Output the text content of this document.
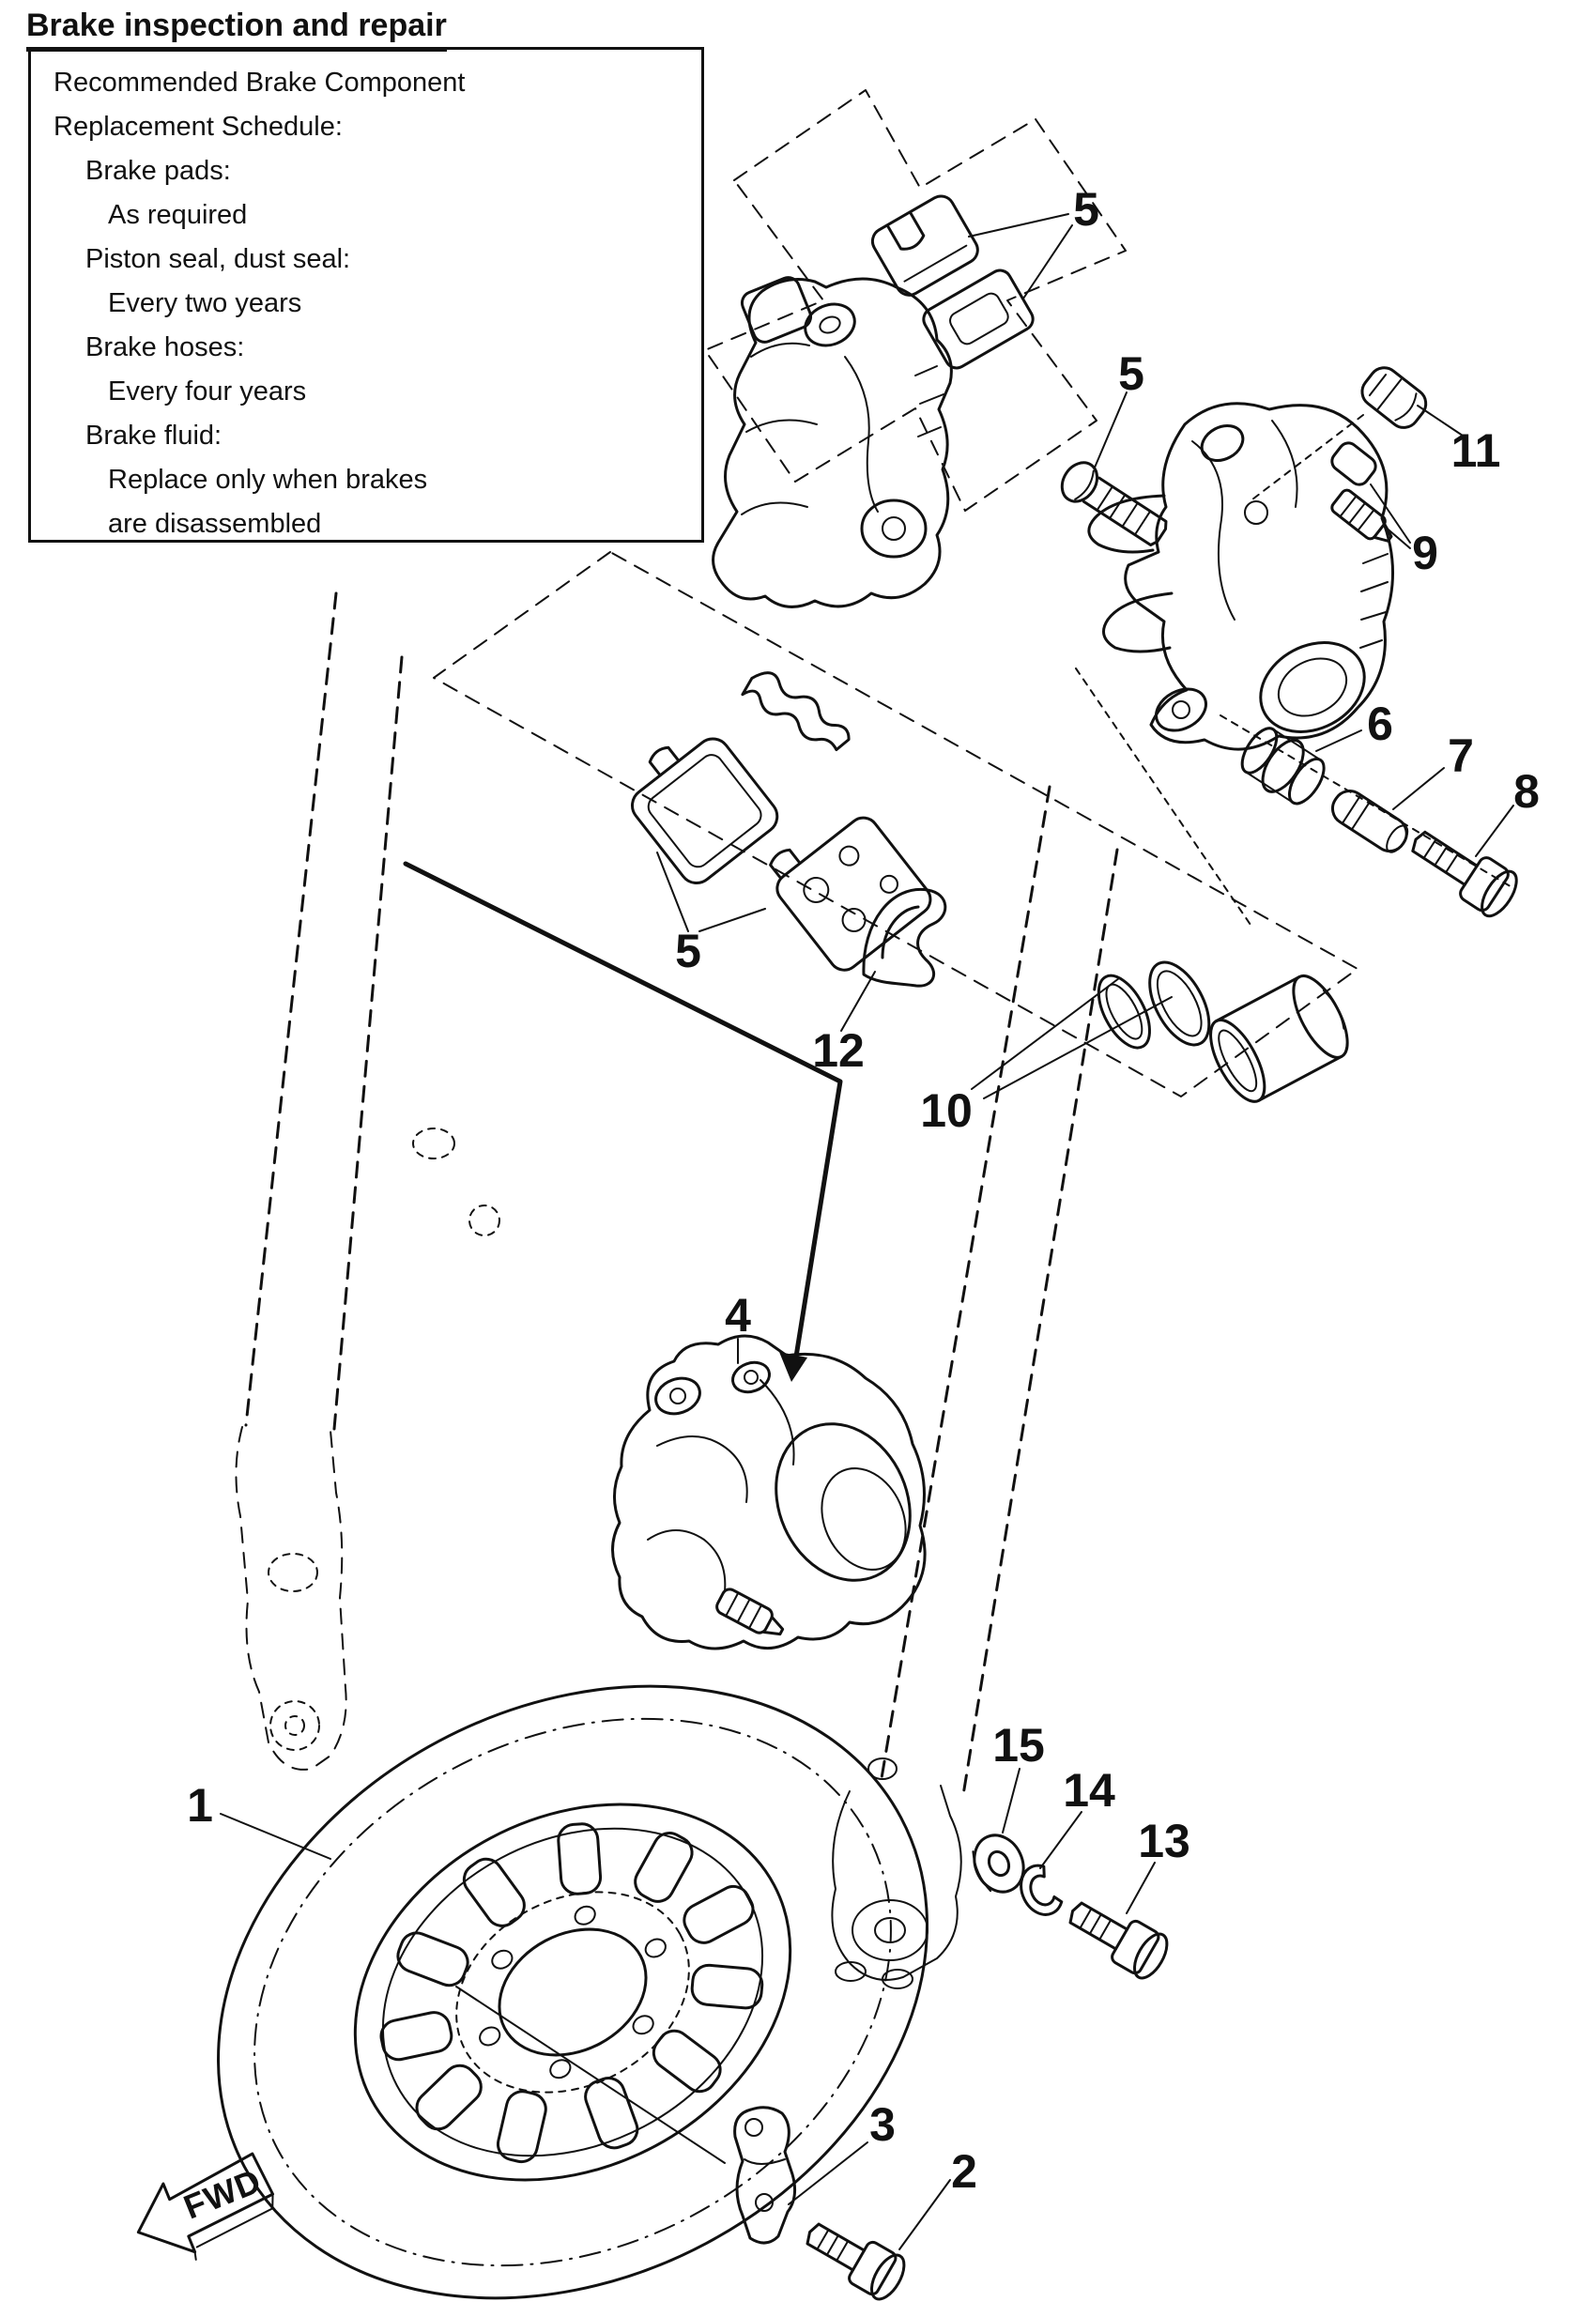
Brake inspection and repair
Recommended Brake Component
Replacement Schedule:
Brake pads:
As required
Piston seal, dust seal:
Every two years
Brake hoses:
Every four years
Brake fluid:
Replace only when brakes
are disassembled
FWD
5
5
11
9
6
7
8
5
12
10
4
1
15
14
13
3
2
